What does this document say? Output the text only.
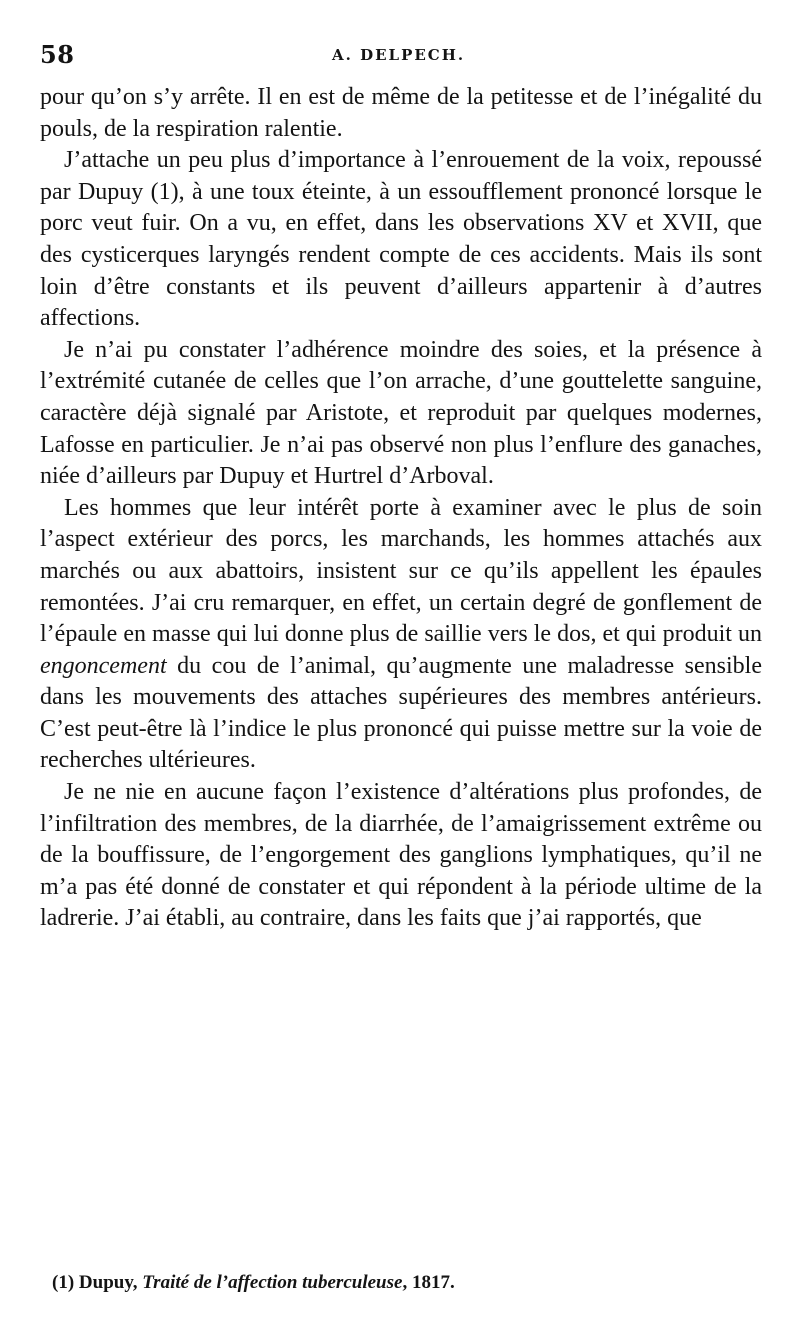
58	A. DELPECH.

pour qu’on s’y arrête. Il en est de même de la petitesse et de l’inégalité du pouls, de la respiration ralentie.

J’attache un peu plus d’importance à l’enrouement de la voix, repoussé par Dupuy (1), à une toux éteinte, à un essoufflement prononcé lorsque le porc veut fuir. On a vu, en effet, dans les observations XV et XVII, que des cysticerques laryngés rendent compte de ces accidents. Mais ils sont loin d’être constants et ils peuvent d’ailleurs appartenir à d’autres affections.

Je n’ai pu constater l’adhérence moindre des soies, et la présence à l’extrémité cutanée de celles que l’on arrache, d’une gouttelette sanguine, caractère déjà signalé par Aristote, et reproduit par quelques modernes, Lafosse en particulier. Je n’ai pas observé non plus l’enflure des ganaches, niée d’ailleurs par Dupuy et Hurtrel d’Arboval.

Les hommes que leur intérêt porte à examiner avec le plus de soin l’aspect extérieur des porcs, les marchands, les hommes attachés aux marchés ou aux abattoirs, insistent sur ce qu’ils appellent les épaules remontées. J’ai cru remarquer, en effet, un certain degré de gonflement de l’épaule en masse qui lui donne plus de saillie vers le dos, et qui produit un engoncement du cou de l’animal, qu’augmente une maladresse sensible dans les mouvements des attaches supérieures des membres antérieurs. C’est peut-être là l’indice le plus prononcé qui puisse mettre sur la voie de recherches ultérieures.

Je ne nie en aucune façon l’existence d’altérations plus profondes, de l’infiltration des membres, de la diarrhée, de l’amaigrissement extrême ou de la bouffissure, de l’engorgement des ganglions lymphatiques, qu’il ne m’a pas été donné de constater et qui répondent à la période ultime de la ladrerie. J’ai établi, au contraire, dans les faits que j’ai rapportés, que

(1) Dupuy, Traité de l’affection tuberculeuse, 1817.
